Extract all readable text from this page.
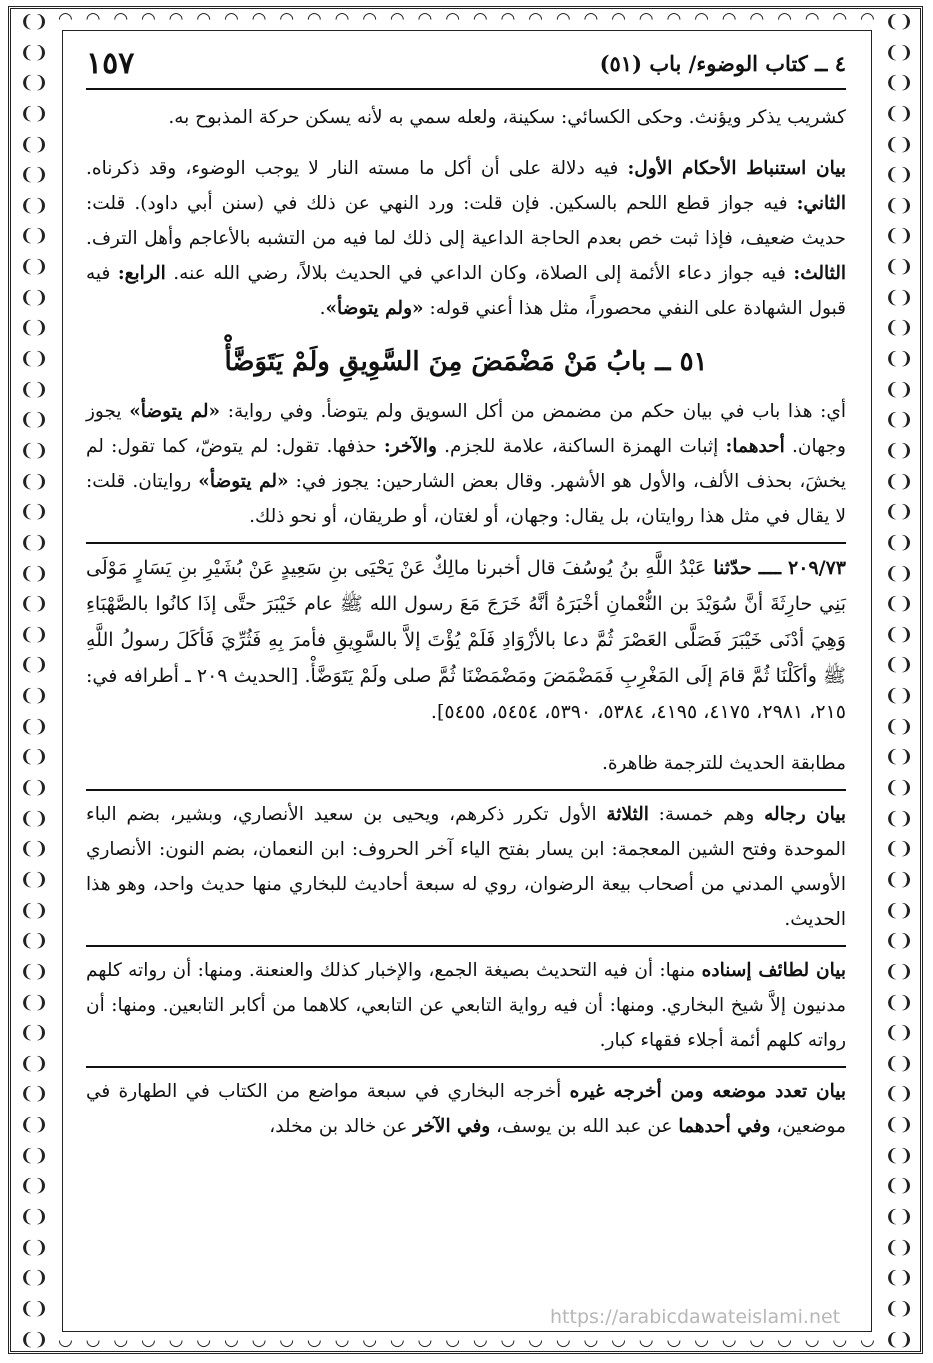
❨❩
❨❩
❨❩
❨❩
❨❩
❨❩
❨❩
❨❩
❨❩
❨❩
❨❩
❨❩
❨❩
❨❩
❨❩
❨❩
❨❩
❨❩
❨❩
❨❩
❨❩
❨❩
❨❩
❨❩
❨❩
❨❩
❨❩
❨❩
❨❩
❨❩
❨❩
❨❩
❨❩
❨❩
❨❩
❨❩
❨❩
❨❩
❨❩
❨❩
❨❩
❨❩
❨❩
❨❩
❨❩
❨❩
❨❩
❨❩
❨❩
❨❩
❨❩
❨❩
❨❩
❨❩
❨❩
❨❩
❨❩
❨❩
❨❩
❨❩
❨❩
❨❩
❨❩
❨❩
❨❩
❨❩
❨❩
❨❩
❨❩
❨❩
❨❩
❨❩
❨❩
❨❩
❨❩
❨❩
❨❩
❨❩
❨❩
❨❩
❨❩
❨❩
❨❩
❨❩
❨❩
❨❩
❨❩
❨❩
◠ ◠ ◠ ◠ ◠ ◠ ◠ ◠ ◠ ◠ ◠ ◠ ◠ ◠ ◠ ◠ ◠ ◠ ◠ ◠ ◠ ◠ ◠ ◠ ◠ ◠ ◠ ◠ ◠ ◠
◡ ◡ ◡ ◡ ◡ ◡ ◡ ◡ ◡ ◡ ◡ ◡ ◡ ◡ ◡ ◡ ◡ ◡ ◡ ◡ ◡ ◡ ◡ ◡ ◡ ◡ ◡ ◡ ◡ ◡
٤ ــ كتاب الوضوء/ باب (٥١)
١٥٧

كشريب يذكر ويؤنث. وحكى الكسائي: سكينة، ولعله سمي به لأنه يسكن حركة المذبوح به.

بيان استنباط الأحكام الأول: فيه دلالة على أن أكل ما مسته النار لا يوجب الوضوء، وقد ذكرناه. الثاني: فيه جواز قطع اللحم بالسكين. فإن قلت: ورد النهي عن ذلك في (سنن أبي داود). قلت: حديث ضعيف، فإذا ثبت خص بعدم الحاجة الداعية إلى ذلك لما فيه من التشبه بالأعاجم وأهل الترف. الثالث: فيه جواز دعاء الأئمة إلى الصلاة، وكان الداعي في الحديث بلالاً، رضي الله عنه. الرابع: فيه قبول الشهادة على النفي محصوراً، مثل هذا أعني قوله: «ولم يتوضأ».

٥١ ــ بابُ مَنْ مَضْمَضَ مِنَ السَّوِيقِ ولَمْ يَتَوَضَّأْ

أي: هذا باب في بيان حكم من مضمض من أكل السويق ولم يتوضأ. وفي رواية: «لم يتوضأ» يجوز وجهان. أحدهما: إثبات الهمزة الساكنة، علامة للجزم. والآخر: حذفها. تقول: لم يتوضّ، كما تقول: لم يخشَ، بحذف الألف، والأول هو الأشهر. وقال بعض الشارحين: يجوز في: «لم يتوضأ» روايتان. قلت: لا يقال في مثل هذا روايتان، بل يقال: وجهان، أو لغتان، أو طريقان، أو نحو ذلك.

٢٠٩/٧٣ ــــ حدّثنا عَبْدُ اللَّهِ بنُ يُوسُفَ قال أخبرنا مالِكٌ عَنْ يَحْيَى بنِ سَعِيدٍ عَنْ بُشَيْرِ بنِ يَسَارٍ مَوْلَى بَنِي حارِثَةَ أنَّ سُوَيْدَ بن النُّعْمانِ أخْبَرَهُ أنَّهُ خَرَجَ مَعَ رسول الله ﷺ عام خَيْبَرَ حتَّى إذَا كانُوا بالصَّهْبَاءِ وَهِيَ أدْنَى خَيْبَرَ فَصَلَّى العَصْرَ ثُمَّ دعا بالأزْوَادِ فَلَمْ يُؤْتَ إلاَّ بالسَّوِيقِ فأمرَ بِهِ فَثُرِّيَ فَأكَلَ رسولُ اللَّهِ ﷺ وأكَلْنَا ثُمَّ قامَ إلَى المَغْرِبِ فَمَضْمَضَ ومَضْمَضْنَا ثُمَّ صلى ولَمْ يَتَوَضَّأْ. [الحديث ٢٠٩ ـ أطرافه في: ٢١٥، ٢٩٨١، ٤١٧٥، ٤١٩٥، ٥٣٨٤، ٥٣٩٠، ٥٤٥٤، ٥٤٥٥].

مطابقة الحديث للترجمة ظاهرة.

بيان رجاله وهم خمسة: الثلاثة الأول تكرر ذكرهم، ويحيى بن سعيد الأنصاري، وبشير، بضم الباء الموحدة وفتح الشين المعجمة: ابن يسار بفتح الياء آخر الحروف: ابن النعمان، بضم النون: الأنصاري الأوسي المدني من أصحاب بيعة الرضوان، روي له سبعة أحاديث للبخاري منها حديث واحد، وهو هذا الحديث.

بيان لطائف إسناده منها: أن فيه التحديث بصيغة الجمع، والإخبار كذلك والعنعنة. ومنها: أن رواته كلهم مدنيون إلاَّ شيخ البخاري. ومنها: أن فيه رواية التابعي عن التابعي، كلاهما من أكابر التابعين. ومنها: أن رواته كلهم أئمة أجلاء فقهاء كبار.

بيان تعدد موضعه ومن أخرجه غيره أخرجه البخاري في سبعة مواضع من الكتاب في الطهارة في موضعين، وفي أحدهما عن عبد الله بن يوسف، وفي الآخر عن خالد بن مخلد،

https://arabicdawateislami.net
